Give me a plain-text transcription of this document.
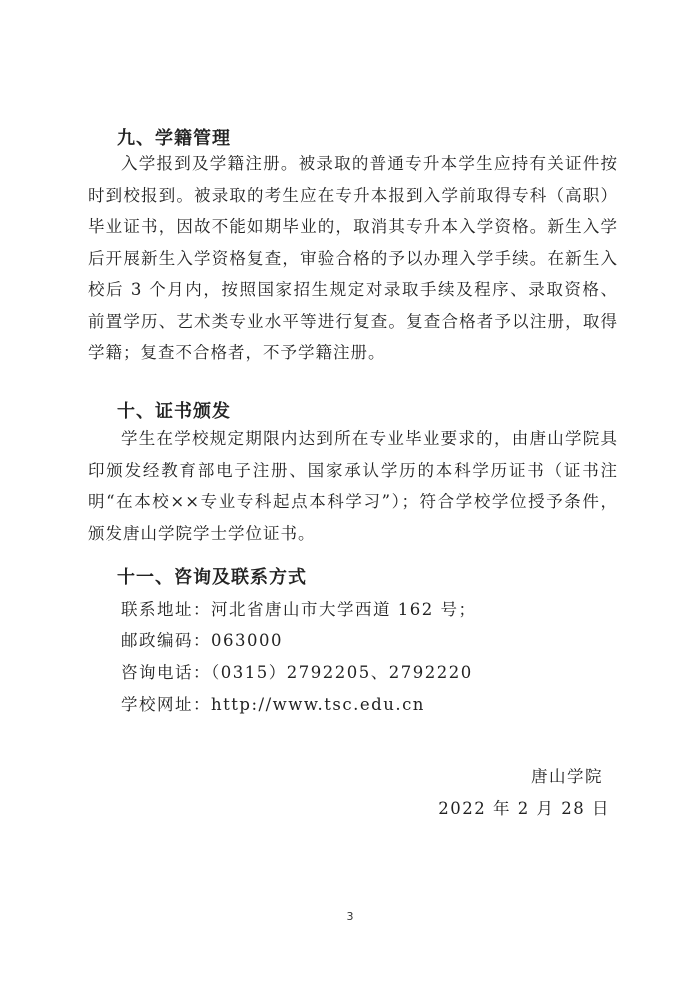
九、学籍管理
入学报到及学籍注册。被录取的普通专升本学生应持有关证件按时到校报到。被录取的考生应在专升本报到入学前取得专科（高职）毕业证书，因故不能如期毕业的，取消其专升本入学资格。新生入学后开展新生入学资格复查，审验合格的予以办理入学手续。在新生入校后 3 个月内，按照国家招生规定对录取手续及程序、录取资格、前置学历、艺术类专业水平等进行复查。复查合格者予以注册，取得学籍；复查不合格者，不予学籍注册。
十、证书颁发
学生在学校规定期限内达到所在专业毕业要求的，由唐山学院具印颁发经教育部电子注册、国家承认学历的本科学历证书（证书注明“在本校××专业专科起点本科学习”）；符合学校学位授予条件，颁发唐山学院学士学位证书。
十一、咨询及联系方式
联系地址：河北省唐山市大学西道 162 号；
邮政编码：063000
咨询电话：（0315）2792205、2792220
学校网址：http://www.tsc.edu.cn
唐山学院
2022 年 2 月 28 日
3
